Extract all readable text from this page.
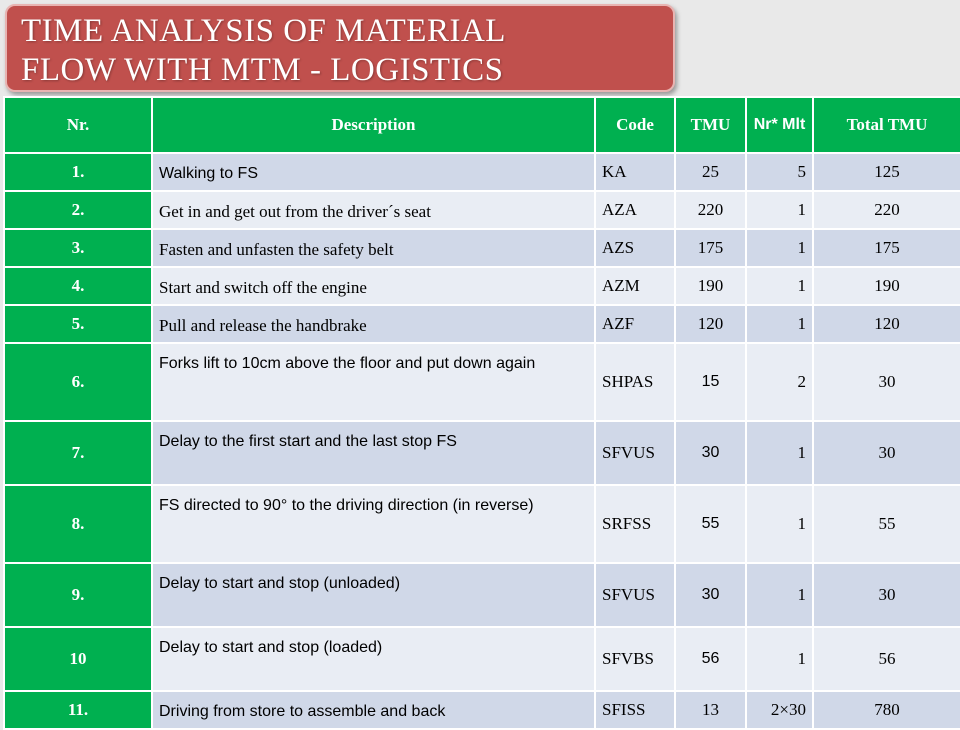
TIME ANALYSIS OF MATERIAL
FLOW WITH MTM - LOGISTICS
Nr.	Description	Code	TMU	Nr* Mlt	Total TMU
1.	Walking to FS	KA	25	5	125
2.	Get in and get out from the driver´s seat	AZA	220	1	220
3.	Fasten and unfasten the safety belt	AZS	175	1	175
4.	Start and switch off the engine	AZM	190	1	190
5.	Pull and release the handbrake	AZF	120	1	120
6.	Forks lift to 10cm above the floor and put down again	SHPAS	15	2	30
7.	Delay to the first start and the last stop FS	SFVUS	30	1	30
8.	FS directed to 90° to the driving direction (in reverse)	SRFSS	55	1	55
9.	Delay to start and stop (unloaded)	SFVUS	30	1	30
10	Delay to start and stop (loaded)	SFVBS	56	1	56
11.	Driving from store to assemble and back	SFISS	13	2×30	780
